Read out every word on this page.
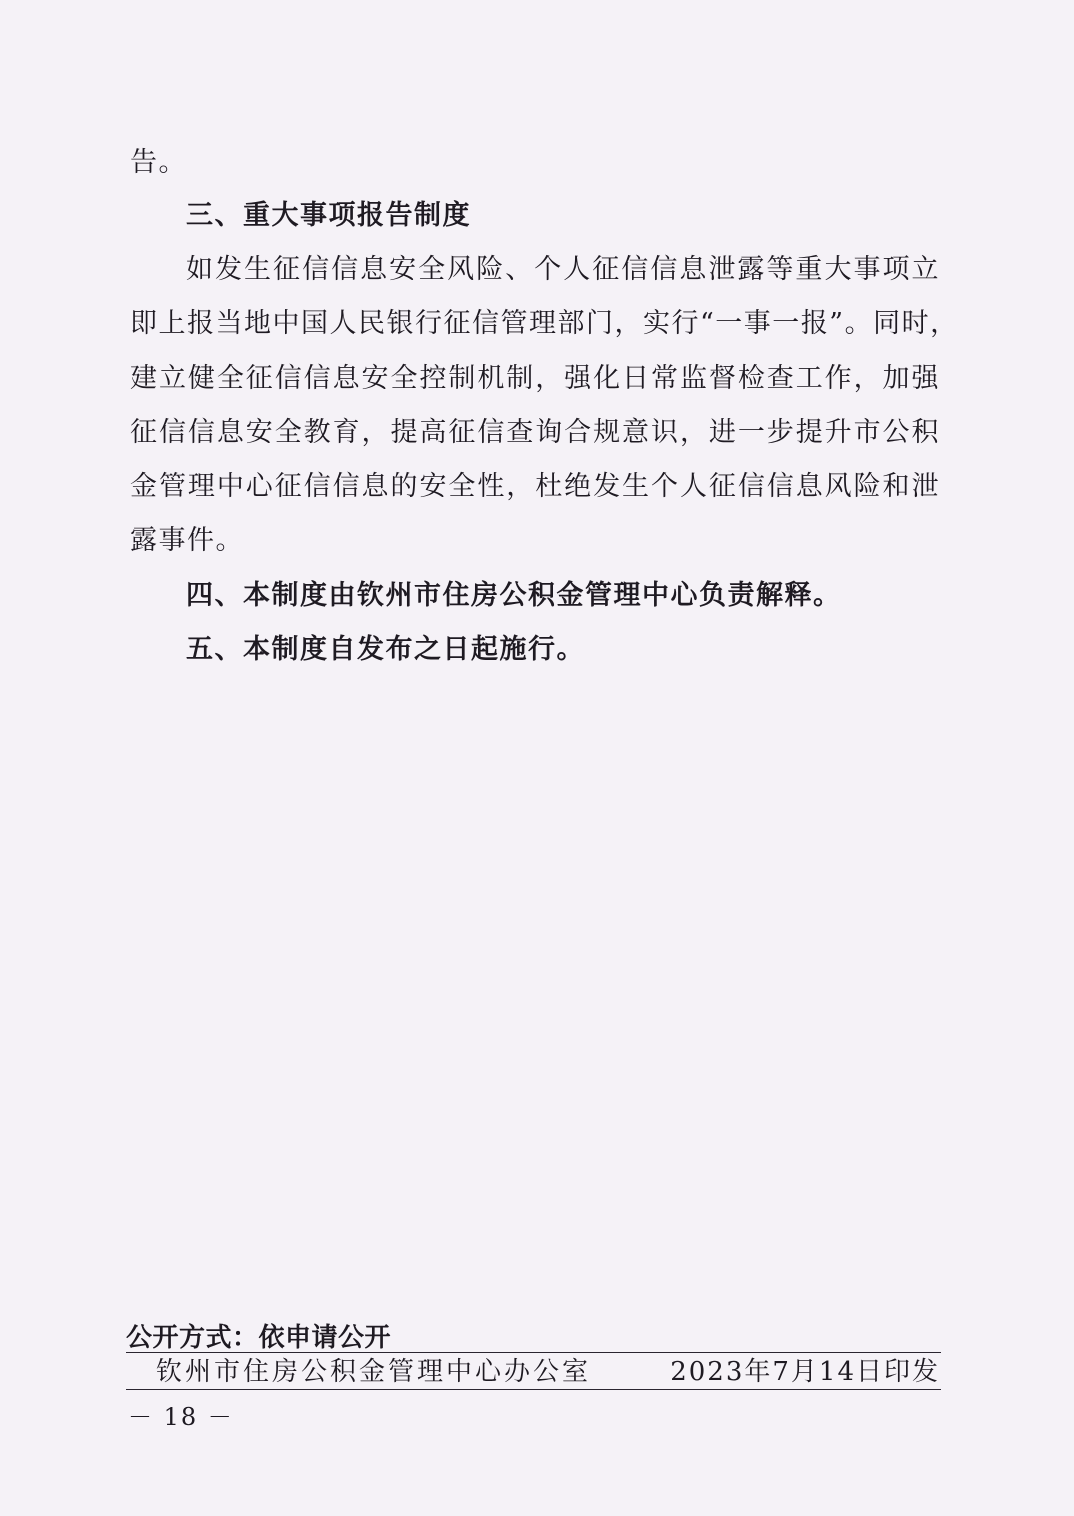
告。
三、重大事项报告制度
如发生征信信息安全风险、个人征信信息泄露等重大事项立
即上报当地中国人民银行征信管理部门，实行“一事一报”。同时，
建立健全征信信息安全控制机制，强化日常监督检查工作，加强
征信信息安全教育，提高征信查询合规意识，进一步提升市公积
金管理中心征信信息的安全性，杜绝发生个人征信信息风险和泄
露事件。
四、本制度由钦州市住房公积金管理中心负责解释。
五、本制度自发布之日起施行。
公开方式：依申请公开
钦州市住房公积金管理中心办公室	2023年7月14日印发
－ 18 －
